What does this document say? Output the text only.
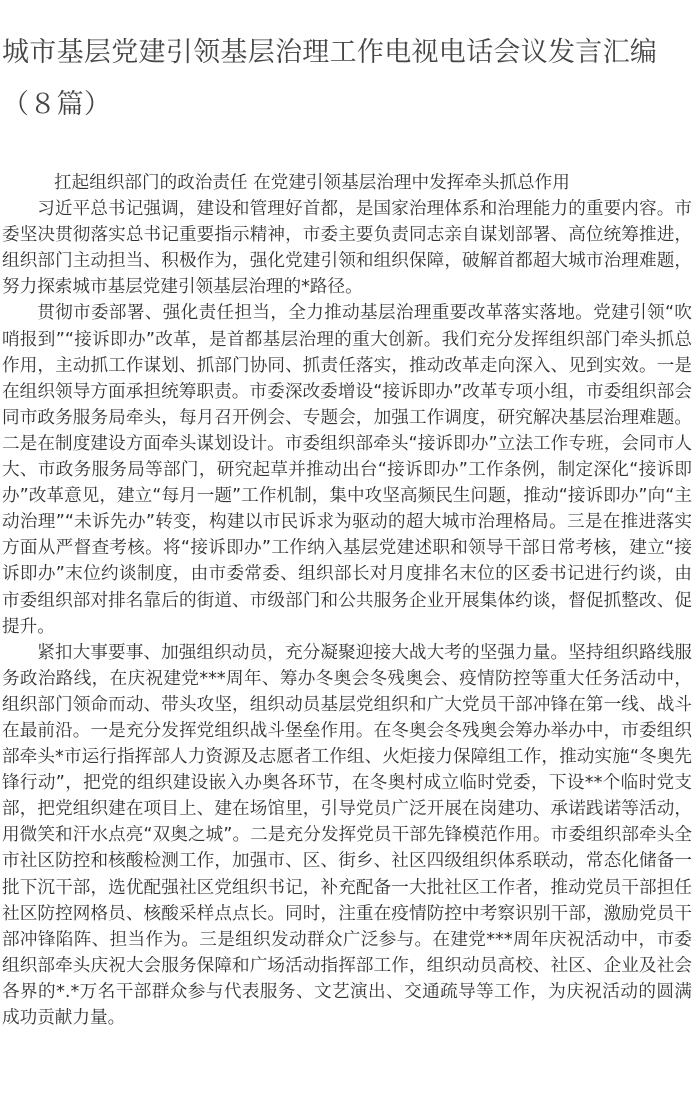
城市基层党建引领基层治理工作电视电话会议发言汇编（８篇）

扛起组织部门的政治责任 在党建引领基层治理中发挥牵头抓总作用

习近平总书记强调，建设和管理好首都，是国家治理体系和治理能力的重要内容。市委坚决贯彻落实总书记重要指示精神，市委主要负责同志亲自谋划部署、高位统筹推进，组织部门主动担当、积极作为，强化党建引领和组织保障，破解首都超大城市治理难题，努力探索城市基层党建引领基层治理的*路径。

贯彻市委部署、强化责任担当，全力推动基层治理重要改革落实落地。党建引领“吹哨报到”“接诉即办”改革，是首都基层治理的重大创新。我们充分发挥组织部门牵头抓总作用，主动抓工作谋划、抓部门协同、抓责任落实，推动改革走向深入、见到实效。一是在组织领导方面承担统筹职责。市委深改委增设“接诉即办”改革专项小组，市委组织部会同市政务服务局牵头，每月召开例会、专题会，加强工作调度，研究解决基层治理难题。二是在制度建设方面牵头谋划设计。市委组织部牵头“接诉即办”立法工作专班，会同市人大、市政务服务局等部门，研究起草并推动出台“接诉即办”工作条例，制定深化“接诉即办”改革意见，建立“每月一题”工作机制，集中攻坚高频民生问题，推动“接诉即办”向“主动治理”“未诉先办”转变，构建以市民诉求为驱动的超大城市治理格局。三是在推进落实方面从严督查考核。将“接诉即办”工作纳入基层党建述职和领导干部日常考核，建立“接诉即办”末位约谈制度，由市委常委、组织部长对月度排名末位的区委书记进行约谈，由市委组织部对排名靠后的街道、市级部门和公共服务企业开展集体约谈，督促抓整改、促提升。

紧扣大事要事、加强组织动员，充分凝聚迎接大战大考的坚强力量。坚持组织路线服务政治路线，在庆祝建党***周年、筹办冬奥会冬残奥会、疫情防控等重大任务活动中，组织部门领命而动、带头攻坚，组织动员基层党组织和广大党员干部冲锋在第一线、战斗在最前沿。一是充分发挥党组织战斗堡垒作用。在冬奥会冬残奥会筹办举办中，市委组织部牵头*市运行指挥部人力资源及志愿者工作组、火炬接力保障组工作，推动实施“冬奥先锋行动”，把党的组织建设嵌入办奥各环节，在冬奥村成立临时党委，下设**个临时党支部，把党组织建在项目上、建在场馆里，引导党员广泛开展在岗建功、承诺践诺等活动，用微笑和汗水点亮“双奥之城”。二是充分发挥党员干部先锋模范作用。市委组织部牵头全市社区防控和核酸检测工作，加强市、区、街乡、社区四级组织体系联动，常态化储备一批下沉干部，选优配强社区党组织书记，补充配备一大批社区工作者，推动党员干部担任社区防控网格员、核酸采样点点长。同时，注重在疫情防控中考察识别干部，激励党员干部冲锋陷阵、担当作为。三是组织发动群众广泛参与。在建党***周年庆祝活动中，市委组织部牵头庆祝大会服务保障和广场活动指挥部工作，组织动员高校、社区、企业及社会各界的*.*万名干部群众参与代表服务、文艺演出、交通疏导等工作，为庆祝活动的圆满成功贡献力量。
